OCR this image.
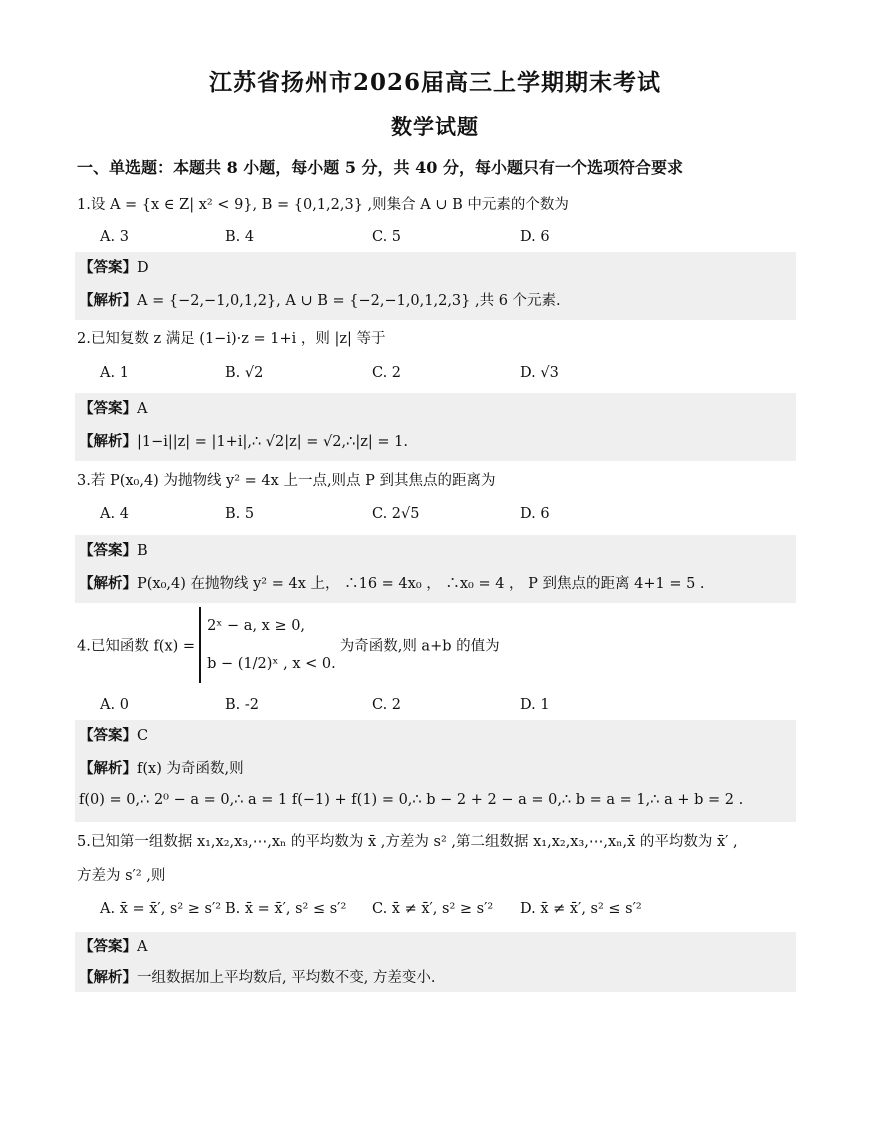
江苏省扬州市2026届高三上学期期末考试
数学试题
一、单选题：本题共 8 小题，每小题 5 分，共 40 分，每小题只有一个选项符合要求
1.设 A = {x ∈ Z| x² < 9}, B = {0,1,2,3} ,则集合 A ∪ B 中元素的个数为
A. 3	B. 4	C. 5	D. 6
【答案】D
【解析】A = {−2,−1,0,1,2}, A ∪ B = {−2,−1,0,1,2,3} ,共 6 个元素.
2.已知复数 z 满足 (1−i)·z = 1+i ，则 |z| 等于
A. 1	B. √2	C. 2	D. √3
【答案】A
【解析】|1−i||z| = |1+i|,∴ √2|z| = √2,∴|z| = 1.
3.若 P(x₀,4) 为抛物线 y² = 4x 上一点,则点 P 到其焦点的距离为
A. 4	B. 5	C. 2√5	D. 6
【答案】B
【解析】P(x₀,4) 在抛物线 y² = 4x 上， ∴16 = 4x₀ ， ∴x₀ = 4 ， P 到焦点的距离 4+1 = 5 .
4.已知函数 f(x) =
2ˣ − a, x ≥ 0,
b − (1/2)ˣ , x < 0.
为奇函数,则 a+b 的值为
A. 0	B. -2	C. 2	D. 1
【答案】C
【解析】f(x) 为奇函数,则
f(0) = 0,∴ 2⁰ − a = 0,∴ a = 1 f(−1) + f(1) = 0,∴ b − 2 + 2 − a = 0,∴ b = a = 1,∴ a + b = 2 .
5.已知第一组数据 x₁,x₂,x₃,⋯,xₙ 的平均数为 x̄ ,方差为 s² ,第二组数据 x₁,x₂,x₃,⋯,xₙ,x̄ 的平均数为 x̄′ ,
方差为 s′² ,则
A. x̄ = x̄′, s² ≥ s′² B. x̄ = x̄′, s² ≤ s′² C. x̄ ≠ x̄′, s² ≥ s′² D. x̄ ≠ x̄′, s² ≤ s′²
【答案】A
【解析】一组数据加上平均数后, 平均数不变, 方差变小.
